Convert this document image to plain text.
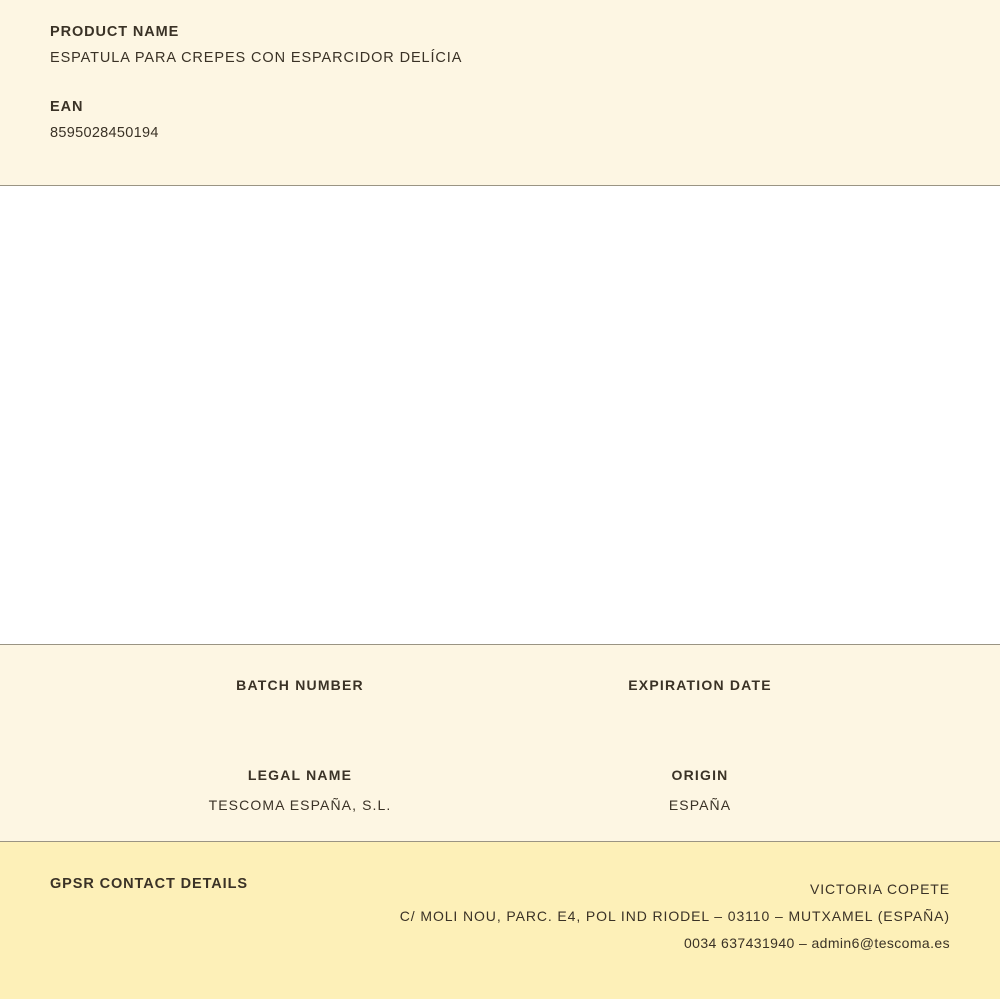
PRODUCT NAME

ESPATULA PARA CREPES CON ESPARCIDOR DELÍCIA

EAN

8595028450194

BATCH NUMBER	EXPIRATION DATE

LEGAL NAME

TESCOMA ESPAÑA, S.L.

ORIGIN

ESPAÑA

GPSR CONTACT DETAILS	VICTORIA COPETE
C/ MOLI NOU, PARC. E4, POL IND RIODEL – 03110 – MUTXAMEL (ESPAÑA)
0034 637431940 – admin6@tescoma.es
